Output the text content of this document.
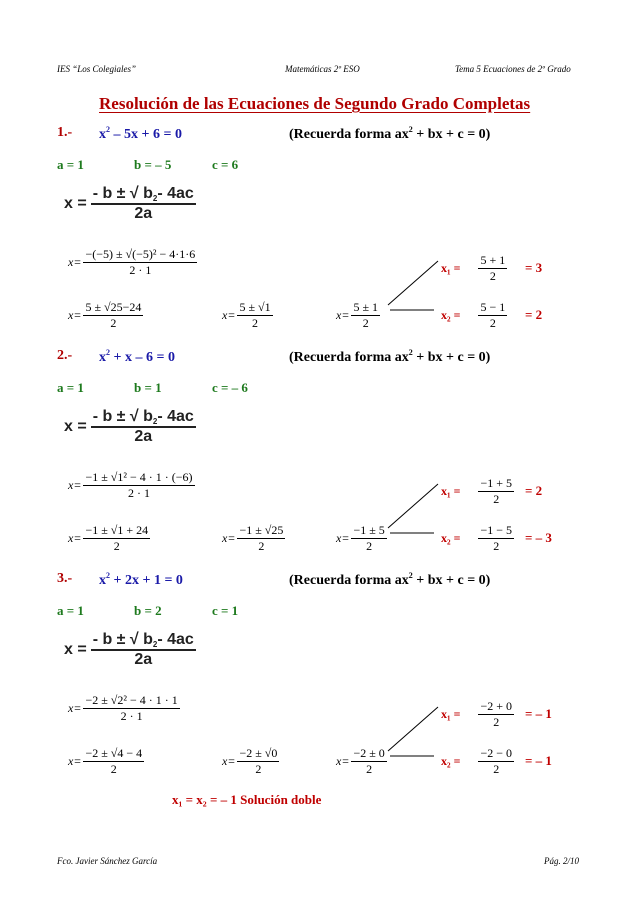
IES “Los Colegiales”	Matemáticas 2º ESO	Tema 5 Ecuaciones de 2º Grado
Resolución de las Ecuaciones de Segundo Grado Completas
1.- $x^2 - 5x + 6 = 0$	(Recuerda forma $ax^2$ + bx + c = 0)
a = 1	b = – 5	c = 6
$x = \frac{- b \pm √ b_2 - 4ac}{2a}$
$x= \frac{\text{−(−5) ± √(−5)² − 4·1·6}}{2 \cdot 1}$
$x= \frac{5 \pm √25-24}{2}$	$x= \frac{5 \pm √1}{2}$	$x= \frac{5 \pm 1}{2}$
$x_1 = \frac{5 + 1}{2} = 3$
$x_2 = \frac{5 - 1}{2} = 2$
2.- $x^2 + x - 6 = 0$	(Recuerda forma $ax^2$ + bx + c = 0)
a = 1	b = 1	c = – 6
$x = \frac{- b \pm √ b_2 - 4ac}{2a}$
$x= \frac{\text{−1 ± √1² − 4 · 1 · (−6)}}{2 \cdot 1}$
$x= \frac{-1 \pm √1 + 24}{2}$	$x= \frac{-1 \pm √25}{2}$	$x= \frac{-1 \pm 5}{2}$
$x_1 = \frac{-1 + 5}{2} = 2$
$x_2 = \frac{-1 - 5}{2}$ = – 3
3.- $x^2 + 2x + 1 = 0$	(Recuerda forma $ax^2$ + bx + c = 0)
a = 1	b = 2	c = 1
$x = \frac{- b \pm √ b_2 - 4ac}{2a}$
$x= \frac{\text{−2 ± √2² − 4 · 1 · 1}}{2 \cdot 1}$
$x= \frac{-2 \pm √4 - 4}{2}$	$x= \frac{-2 \pm √0}{2}$	$x= \frac{-2 \pm 0}{2}$
$x_1 = \frac{-2 + 0}{2}$ = – 1
$x_2 = \frac{-2 - 0}{2}$ = – 1
x₁ = x₂ = – 1 Solución doble
Fco. Javier Sánchez García	Pág. 2/10
